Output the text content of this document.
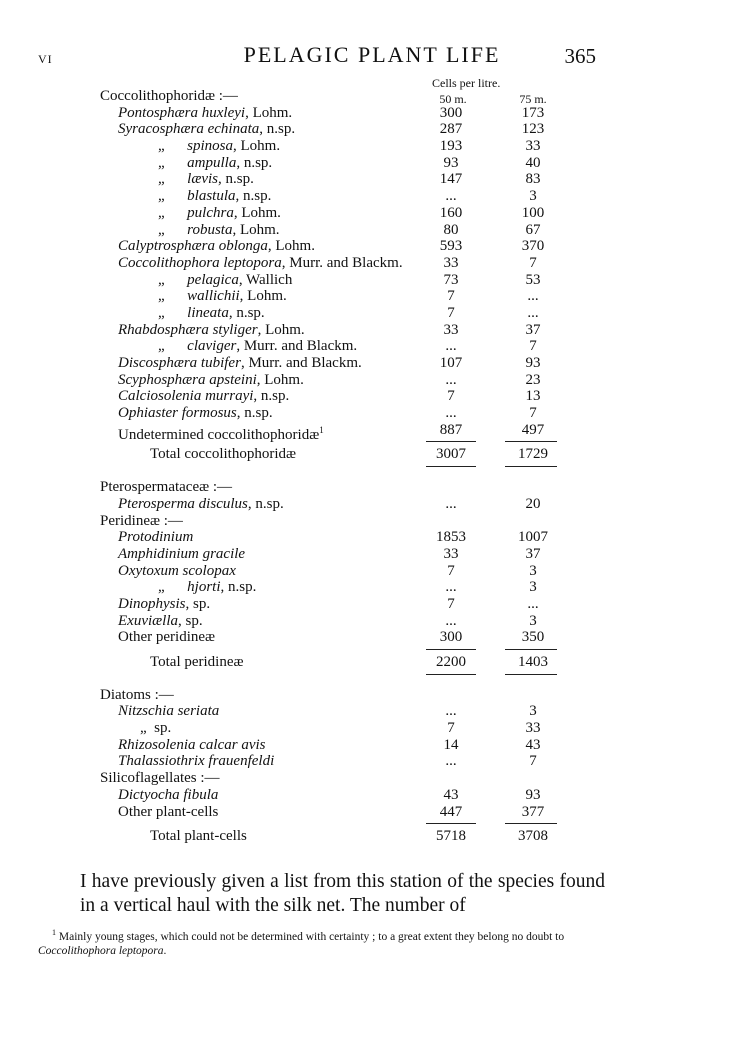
VI	PELAGIC PLANT LIFE	365
Cells per litre.
50 m.	75 m.
Coccolithophoridæ :—
Pontosphæra huxleyi, Lohm.	300	173
Syracosphæra echinata, n.sp.	287	123
„ spinosa, Lohm.	193	33
„ ampulla, n.sp.	93	40
„ lævis, n.sp.	147	83
„ blastula, n.sp.	...	3
„ pulchra, Lohm.	160	100
„ robusta, Lohm.	80	67
Calyptrosphæra oblonga, Lohm.	593	370
Coccolithophora leptopora, Murr. and Blackm.	33	7
„ pelagica, Wallich	73	53
„ wallichii, Lohm.	7	...
„ lineata, n.sp.	7	...
Rhabdosphæra styliger, Lohm.	33	37
„ claviger, Murr. and Blackm.	...	7
Discosphæra tubifer, Murr. and Blackm.	107	93
Scyphosphæra apsteini, Lohm.	...	23
Calciosolenia murrayi, n.sp.	7	13
Ophiaster formosus, n.sp.	...	7
Undetermined coccolithophoridæ$^1$	887	497
Total coccolithophoridæ	3007	1729
Pterospermataceæ :—
Pterosperma disculus, n.sp.	...	20
Peridineæ :—
Protodinium	1853	1007
Amphidinium gracile	33	37
Oxytoxum scolopax	7	3
„ hjorti, n.sp.	...	3
Dinophysis, sp.	7	...
Exuviælla, sp.	...	3
Other peridineæ	300	350
Total peridineæ	2200	1403
Diatoms :—
Nitzschia seriata	...	3
„ sp.	7	33
Rhizosolenia calcar avis	14	43
Thalassiothrix frauenfeldi	...	7
Silicoflagellates :—
Dictyocha fibula	43	93
Other plant-cells	447	377
Total plant-cells	5718	3708
I have previously given a list from this station of the species found in a vertical haul with the silk net. The number of
$^1$ Mainly young stages, which could not be determined with certainty ; to a great extent they belong no doubt to Coccolithophora leptopora.
